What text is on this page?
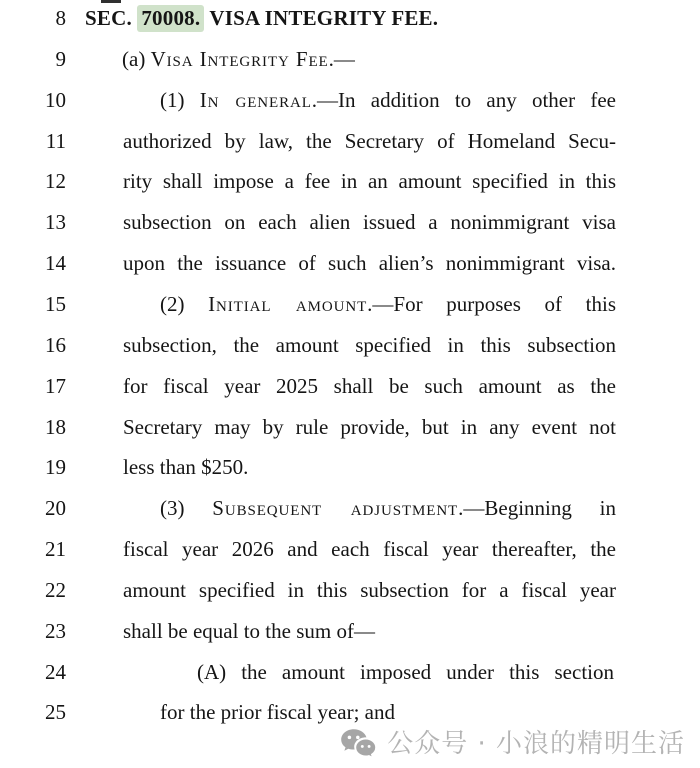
8 SEC. 70008. VISA INTEGRITY FEE.
9	(a) Visa Integrity Fee.—
10	(1) In general.—In addition to any other fee
11	authorized by law, the Secretary of Homeland Secu-
12	rity shall impose a fee in an amount specified in this
13	subsection on each alien issued a nonimmigrant visa
14	upon the issuance of such alien’s nonimmigrant visa.
15	(2) Initial amount.—For purposes of this
16	subsection, the amount specified in this subsection
17	for fiscal year 2025 shall be such amount as the
18	Secretary may by rule provide, but in any event not
19	less than $250.
20	(3) Subsequent adjustment.—Beginning in
21	fiscal year 2026 and each fiscal year thereafter, the
22	amount specified in this subsection for a fiscal year
23	shall be equal to the sum of—
24	(A) the amount imposed under this section
25	for the prior fiscal year; and
公众号 · 小浪的精明生活
